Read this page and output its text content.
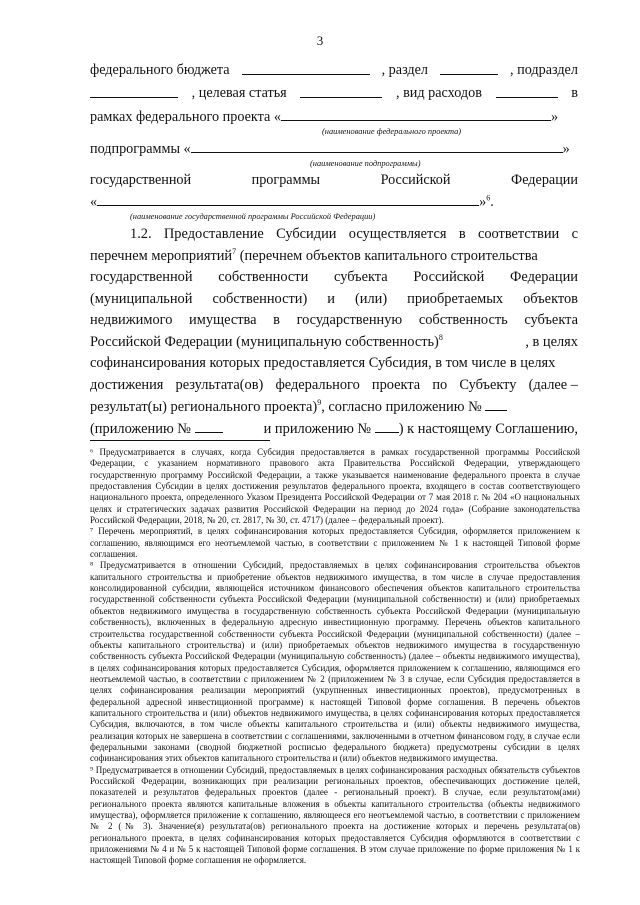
3
федерального бюджета	, раздел	, подраздел
, целевая статья	, вид расходов	в
рамках федерального проекта «	»
(наименование федерального проекта)
подпрограммы «	»
(наименование подпрограммы)
государственной	программы	Российской	Федерации
«	»$^6$.
(наименование государственной программы Российской Федерации)
1.2. Предоставление Субсидии осуществляется в соответствии с
перечнем мероприятий$^7$ (перечнем объектов капитального строительства
государственной собственности субъекта Российской Федерации
(муниципальной собственности) и (или) приобретаемых объектов
недвижимого имущества в государственную собственность субъекта
Российской Федерации (муниципальную собственность)$^8$	, в целях
софинансирования которых предоставляется Субсидия, в том числе в целях
достижения результата(ов) федерального проекта по Субъекту (далее –
результат(ы) регионального проекта)$^9$, согласно приложению №
(приложению №	и приложению № ) к настоящему Соглашению,

⁶ Предусматривается в случаях, когда Субсидия предоставляется в рамках государственной программы Российской Федерации, с указанием нормативного правового акта Правительства Российской Федерации, утверждающего государственную программу Российской Федерации, а также указывается наименование федерального проекта в случае предоставления Субсидии в целях достижения результатов федерального проекта, входящего в состав соответствующего национального проекта, определенного Указом Президента Российской Федерации от 7 мая 2018 г. № 204 «О национальных целях и стратегических задачах развития Российской Федерации на период до 2024 года» (Собрание законодательства Российской Федерации, 2018, № 20, ст. 2817, № 30, ст. 4717) (далее – федеральный проект).

⁷ Перечень мероприятий, в целях софинансирования которых предоставляется Субсидия, оформляется приложением к соглашению, являющимся его неотъемлемой частью, в соответствии с приложением № 1 к настоящей Типовой форме соглашения.

⁸ Предусматривается в отношении Субсидий, предоставляемых в целях софинансирования строительства объектов капитального строительства и приобретение объектов недвижимого имущества, в том числе в случае предоставления консолидированной субсидии, являющейся источником финансового обеспечения объектов капитального строительства государственной собственности субъекта Российской Федерации (муниципальной собственности) и (или) приобретаемых объектов недвижимого имущества в государственную собственность субъекта Российской Федерации (муниципальную собственность), включенных в федеральную адресную инвестиционную программу. Перечень объектов капитального строительства государственной собственности субъекта Российской Федерации (муниципальной собственности) (далее – объекты капитального строительства) и (или) приобретаемых объектов недвижимого имущества в государственную собственность субъекта Российской Федерации (муниципальную собственность) (далее – объекты недвижимого имущества), в целях софинансирования которых предоставляется Субсидия, оформляется приложением к соглашению, являющимся его неотъемлемой частью, в соответствии с приложением № 2 (приложением № 3 в случае, если Субсидия предоставляется в целях софинансирования реализации мероприятий (укрупненных инвестиционных проектов), предусмотренных в федеральной адресной инвестиционной программе) к настоящей Типовой форме соглашения. В перечень объектов капитального строительства и (или) объектов недвижимого имущества, в целях софинансирования которых предоставляется Субсидия, включаются, в том числе объекты капитального строительства и (или) объекты недвижимого имущества, реализация которых не завершена в соответствии с соглашениями, заключенными в отчетном финансовом году, в случае если федеральными законами (сводной бюджетной росписью федерального бюджета) предусмотрены субсидии в целях софинансирования этих объектов капитального строительства и (или) объектов недвижимого имущества.

⁹ Предусматривается в отношении Субсидий, предоставляемых в целях софинансирования расходных обязательств субъектов Российской Федерации, возникающих при реализации региональных проектов, обеспечивающих достижение целей, показателей и результатов федеральных проектов (далее - региональный проект). В случае, если результатом(ами) регионального проекта являются капитальные вложения в объекты капитального строительства (объекты недвижимого имущества), оформляется приложение к соглашению, являющееся его неотъемлемой частью, в соответствии с приложением № 2 (№ 3). Значение(я) результата(ов) регионального проекта на достижение которых и перечень результата(ов) регионального проекта, в целях софинансирования которых предоставляется Субсидия оформляются в соответствии с приложениями № 4 и № 5 к настоящей Типовой форме соглашения. В этом случае приложение по форме приложения № 1 к настоящей Типовой форме соглашения не оформляется.
